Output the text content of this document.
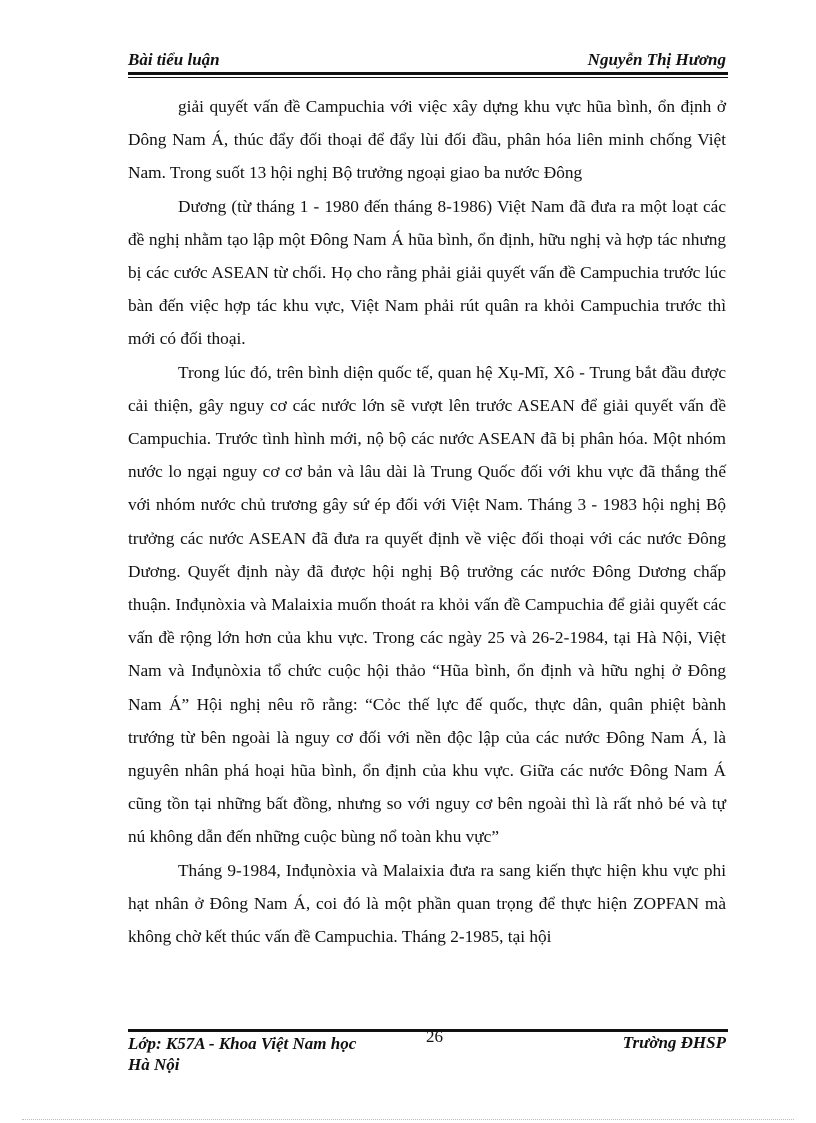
Bài tiểu luận	Nguyễn Thị Hương

giải quyết vấn đề Campuchia với việc xây dựng khu vực hũa bình, ổn định ở Dông Nam Á, thúc đẩy đối thoại để đẩy lùi đối đầu, phân hóa liên minh chống Việt Nam. Trong suốt 13 hội nghị Bộ trưởng ngoại giao ba nước Đông

Dương (từ tháng 1 - 1980 đến tháng 8-1986) Việt Nam đã đưa ra một loạt các đề nghị nhằm tạo lập một Đông Nam Á hũa bình, ổn định, hữu nghị và hợp tác nhưng bị các cước ASEAN từ chối. Họ cho rằng phải giải quyết vấn đề Campuchia trước lúc bàn đến việc hợp tác khu vực, Việt Nam phải rút quân ra khỏi Campuchia trước thì mới có đối thoại.

Trong lúc đó, trên bình diện quốc tế, quan hệ Xụ-Mĩ, Xô - Trung bắt đầu được cải thiện, gây nguy cơ các nước lớn sẽ vượt lên trước ASEAN để giải quyết vấn đề Campuchia. Trước tình hình mới, nộ bộ các nước ASEAN đã bị phân hóa. Một nhóm nước lo ngại nguy cơ cơ bản và lâu dài là Trung Quốc đối với khu vực đã thắng thế với nhóm nước chủ trương gây sứ ép đối với Việt Nam. Tháng 3 - 1983 hội nghị Bộ trưởng các nước ASEAN đã đưa ra quyết định về việc đối thoại với các nước Đông Dương. Quyết định này đã được hội nghị Bộ trưởng các nước Đông Dương chấp thuận. Inđụnòxia và Malaixia muốn thoát ra khỏi vấn đề Campuchia để giải quyết các vấn đề rộng lớn hơn của khu vực. Trong các ngày 25 và 26-2-1984, tại Hà Nội, Việt Nam và Inđụnòxia tổ chức cuộc hội thảo “Hũa bình, ổn định và hữu nghị ở Đông Nam Á” Hội nghị nêu rõ rằng: “Cỏc thế lực đế quốc, thực dân, quân phiệt bành trướng từ bên ngoài là nguy cơ đối với nền độc lập của các nước Đông Nam Á, là nguyên nhân phá hoại hũa bình, ổn định của khu vực. Giữa các nước Đông Nam Á cũng tồn tại những bất đồng, nhưng so với nguy cơ bên ngoài thì là rất nhỏ bé và tự nú không dẫn đến những cuộc bùng nổ toàn khu vực”

Tháng 9-1984, Inđụnòxia và Malaixia đưa ra sang kiến thực hiện khu vực phi hạt nhân ở Đông Nam Á, coi đó là một phần quan trọng để thực hiện ZOPFAN mà không chờ kết thúc vấn đề Campuchia. Tháng 2-1985, tại hội

Lớp: K57A - Khoa Việt Nam học	26	Trường ĐHSP
Hà Nội
